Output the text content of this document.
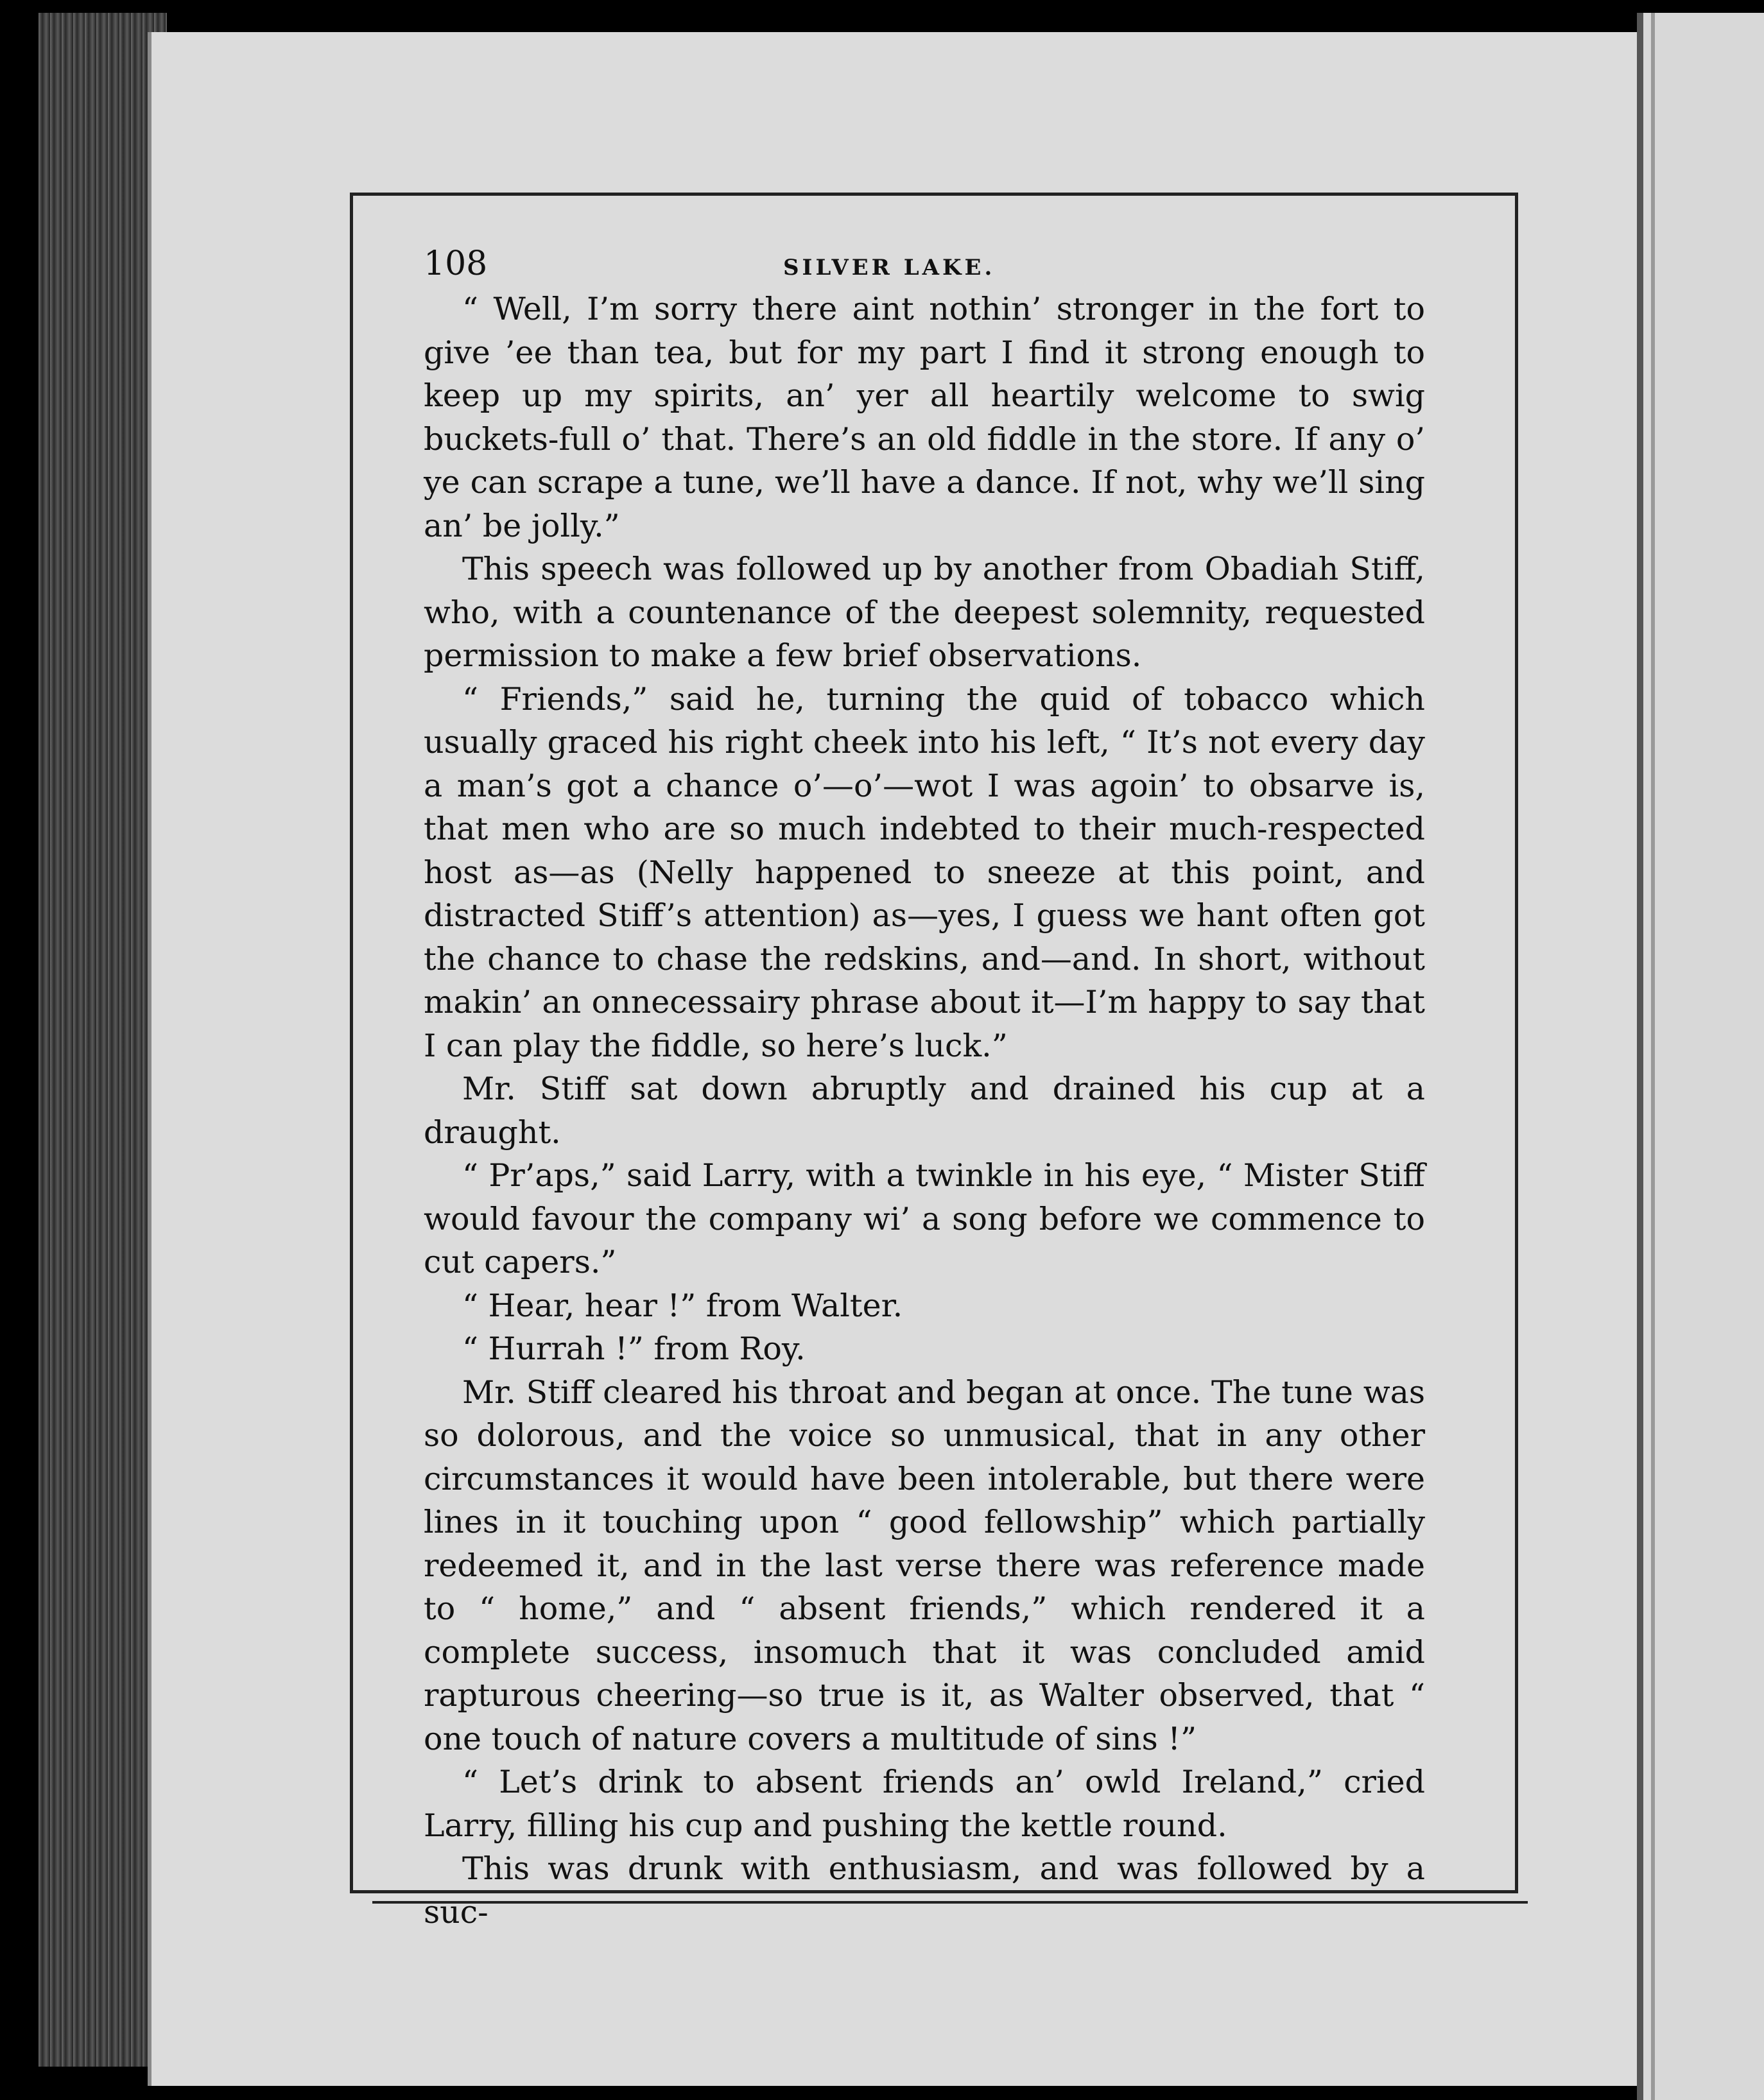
108	SILVER LAKE.

“ Well, I’m sorry there aint nothin’ stronger in the fort to give ’ee than tea, but for my part I find it strong enough to keep up my spirits, an’ yer all heartily welcome to swig buckets-full o’ that. There’s an old fiddle in the store. If any o’ ye can scrape a tune, we’ll have a dance. If not, why we’ll sing an’ be jolly.”

This speech was followed up by another from Obadiah Stiff, who, with a countenance of the deepest solemnity, requested permission to make a few brief observations.

“ Friends,” said he, turning the quid of tobacco which usually graced his right cheek into his left, “ It’s not every day a man’s got a chance o’—o’—wot I was agoin’ to obsarve is, that men who are so much indebted to their much-respected host as—as (Nelly happened to sneeze at this point, and distracted Stiff’s attention) as—yes, I guess we hant often got the chance to chase the redskins, and—and. In short, without makin’ an onnecessairy phrase about it—I’m happy to say that I can play the fiddle, so here’s luck.”

Mr. Stiff sat down abruptly and drained his cup at a draught.

“ Pr’aps,” said Larry, with a twinkle in his eye, “ Mister Stiff would favour the company wi’ a song before we commence to cut capers.”

“ Hear, hear !” from Walter.

“ Hurrah !” from Roy.

Mr. Stiff cleared his throat and began at once. The tune was so dolorous, and the voice so unmusical, that in any other circumstances it would have been intolerable, but there were lines in it touching upon “ good fellowship” which partially redeemed it, and in the last verse there was reference made to “ home,” and “ absent friends,” which rendered it a complete success, insomuch that it was concluded amid rapturous cheering—so true is it, as Walter observed, that “ one touch of nature covers a multitude of sins !”

“ Let’s drink to absent friends an’ owld Ireland,” cried Larry, filling his cup and pushing the kettle round.

This was drunk with enthusiasm, and was followed by a suc-
